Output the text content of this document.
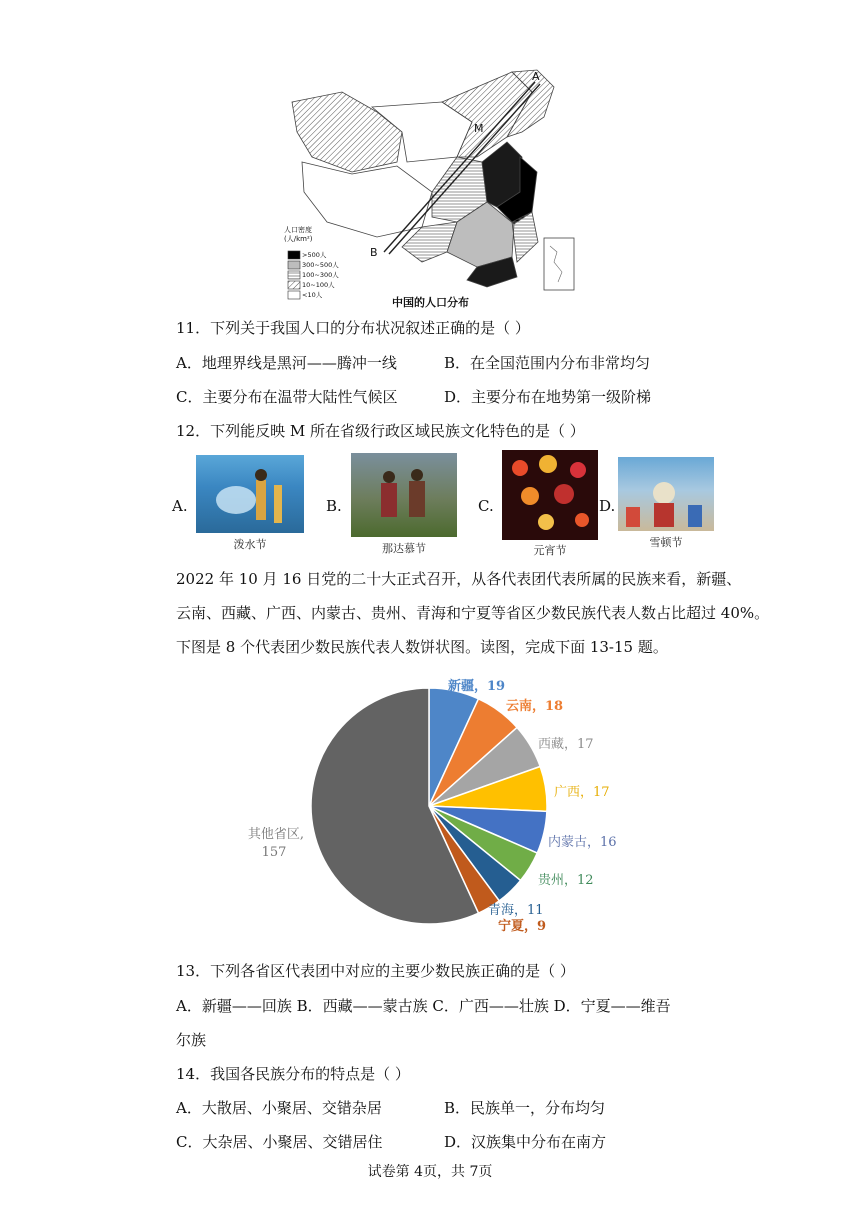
A
B
M
人口密度
(人/km²)
>500人
300~500人
100~300人
10~100人
<10人
中国的人口分布
11．下列关于我国人口的分布状况叙述正确的是（ ）
A．地理界线是黑河——腾冲一线	B．在全国范围内分布非常均匀
C．主要分布在温带大陆性气候区	D．主要分布在地势第一级阶梯
12．下列能反映 M 所在省级行政区域民族文化特色的是（ ）
A.
泼水节
B.
那达慕节
C.
元宵节
D.
雪顿节
2022 年 10 月 16 日党的二十大正式召开，从各代表团代表所属的民族来看，新疆、
云南、西藏、广西、内蒙古、贵州、青海和宁夏等省区少数民族代表人数占比超过 40%。
下图是 8 个代表团少数民族代表人数饼状图。读图，完成下面 13-15 题。
新疆，19
云南，18
西藏，17
广西，17
内蒙古，16
贵州，12
青海，11
宁夏，9
其他省区,
157
13．下列各省区代表团中对应的主要少数民族正确的是（ ）
A．新疆——回族 B．西藏——蒙古族 C．广西——壮族 D．宁夏——维吾
尔族
14．我国各民族分布的特点是（ ）
A．大散居、小聚居、交错杂居	B．民族单一，分布均匀
C．大杂居、小聚居、交错居住	D．汉族集中分布在南方
试卷第 4页，共 7页
